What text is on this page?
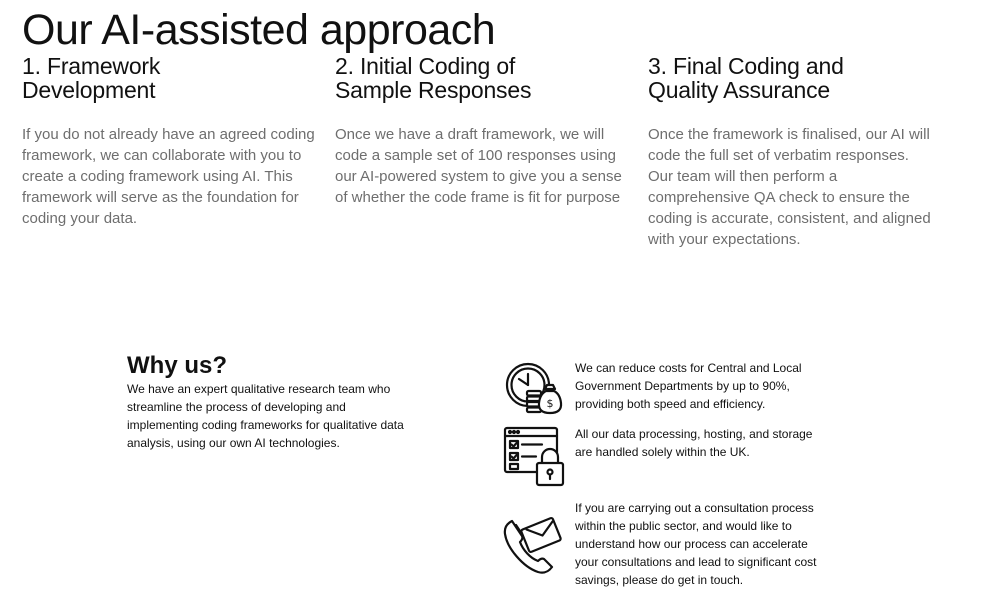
Our AI-assisted approach
1. Framework
Development

If you do not already have an agreed coding framework, we can collaborate with you to create a coding framework using AI. This framework will serve as the foundation for coding your data.

2. Initial Coding of
Sample Responses

Once we have a draft framework, we will code a sample set of 100 responses using our AI-powered system to give you a sense of whether the code frame is fit for purpose

3. Final Coding and
Quality Assurance

Once the framework is finalised, our AI will code the full set of verbatim responses. Our team will then perform a comprehensive QA check to ensure the coding is accurate, consistent, and aligned with your expectations.

Why us?

We have an expert qualitative research team who streamline the process of developing and implementing coding frameworks for qualitative data analysis, using our own AI technologies.

$

We can reduce costs for Central and Local Government Departments by up to 90%, providing both speed and efficiency.

All our data processing, hosting, and storage are handled solely within the UK.

If you are carrying out a consultation process within the public sector, and would like to understand how our process can accelerate your consultations and lead to significant cost savings, please do get in touch.
